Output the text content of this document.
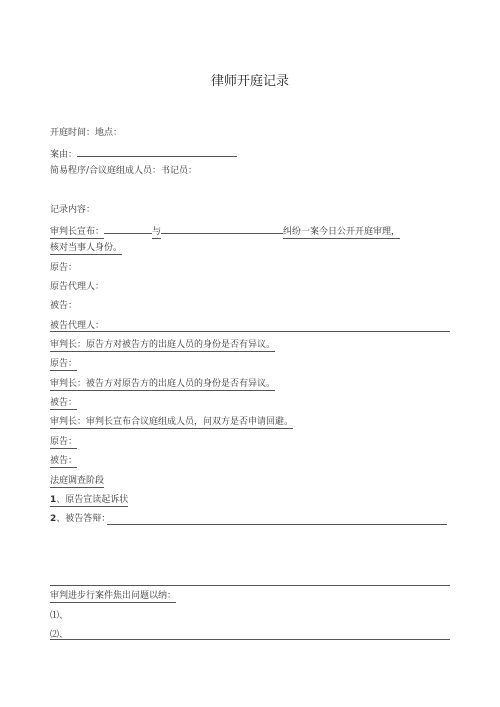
律师开庭记录
开庭时间：地点：
案由：
简易程序/合议庭组成人员：书记员：
记录内容：
审判长宣布：	与	纠纷一案今日公开开庭审理，
核对当事人身份。
原告：
原告代理人：
被告：
被告代理人：
审判长：原告方对被告方的出庭人员的身份是否有异议。
原告：
审判长：被告方对原告方的出庭人员的身份是否有异议。
被告：
审判长：审判长宣布合议庭组成人员，问双方是否申请回避。
原告：
被告：
法庭调查阶段
1、原告宣读起诉状
2、被告答辩：
审判进步行案件焦出问题以纳：
⑴、
⑵、
